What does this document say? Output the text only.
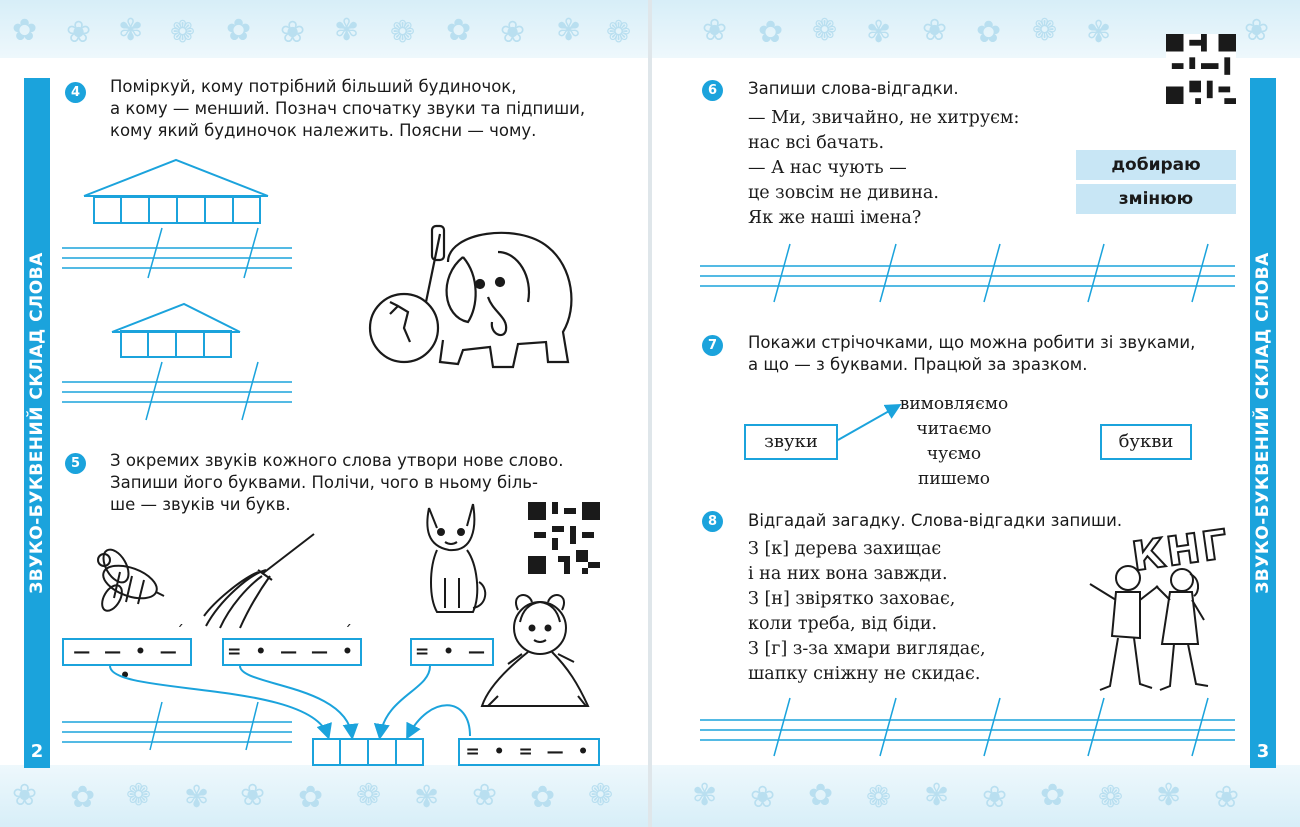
✿ ❀ ✾ ❁ ✿ ❀ ✾ ❁ ✿ ❀ ✾ ❁
❀ ✿ ❁ ✾ ❀ ✿ ❁ ✾ ❀ ✿ ❁
ЗВУКО-БУКВЕНИЙ СКЛАД СЛОВА
2
4	Поміркуй, кому потрібний більший будиночок,
а кому — менший. Познач спочатку звуки та підпиши,
кому який будиночок належить. Поясни — чому.
5	З окремих звуків кожного слова утвори нове слово.
Запиши його буквами. Полічи, чого в ньому біль-
ше — звуків чи букв.
— — • — •
´
= • — — •
´
= • —
= • = — •
❀ ✿ ❁ ✾ ❀ ✿ ❁ ✾	❀
✾ ❀ ✿ ❁ ✾ ❀ ✿ ❁ ✾ ❀
ЗВУКО-БУКВЕНИЙ СКЛАД СЛОВА
3
6	Запиши слова-відгадки.
— Ми, звичайно, не хитруєм:
нас всі бачать.
— А нас чують —
це зовсім не дивина.
Як же наші імена?
добираю
змінюю
7	Покажи стрічочками, що можна робити зі звуками,
а що — з буквами. Працюй за зразком.
звуки	букви
вимовляємо
читаємо
чуємо
пишемо
8	Відгадай загадку. Слова-відгадки запиши.
З [к] дерева захищає
і на них вона завжди.
З [н] звірятко заховає,
коли треба, від біди.
З [г] з-за хмари виглядає,
шапку сніжну не скидає.
КНГ
